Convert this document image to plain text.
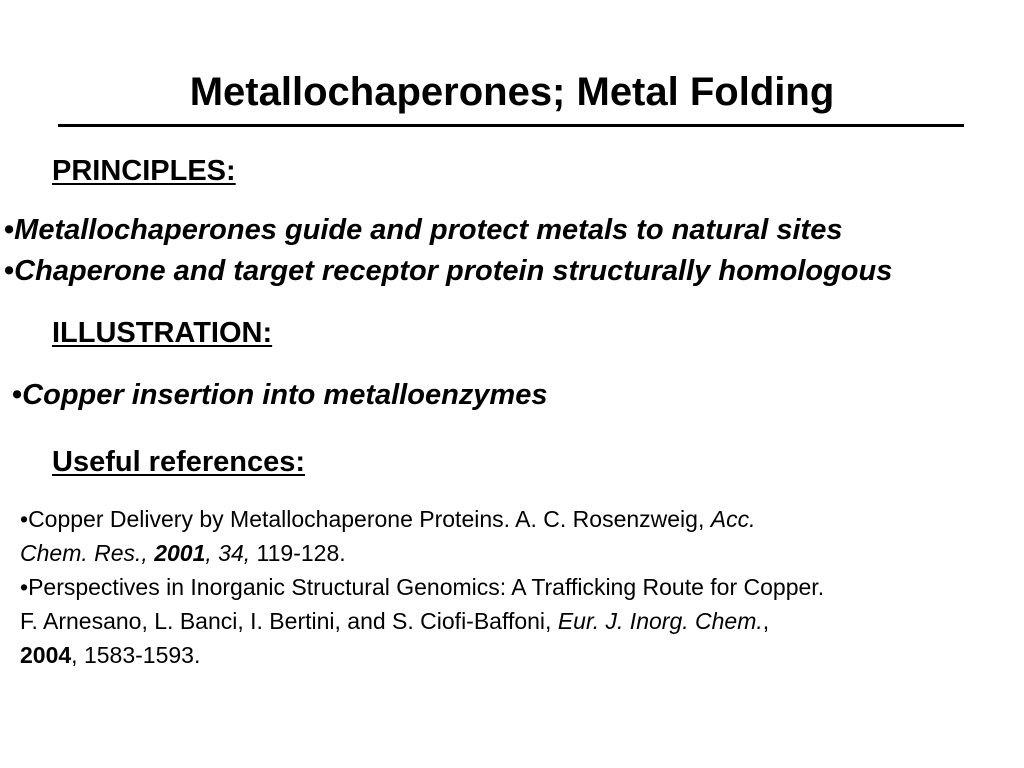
Metallochaperones; Metal Folding
PRINCIPLES:
•Metallochaperones guide and protect metals to natural sites
•Chaperone and target receptor protein structurally homologous
ILLUSTRATION:
•Copper insertion into metalloenzymes
Useful references:
•Copper Delivery by Metallochaperone Proteins. A. C. Rosenzweig, Acc.
Chem. Res., 2001, 34, 119-128.
•Perspectives in Inorganic Structural Genomics: A Trafficking Route for Copper.
F. Arnesano, L. Banci, I. Bertini, and S. Ciofi-Baffoni, Eur. J. Inorg. Chem.,
2004, 1583-1593.
